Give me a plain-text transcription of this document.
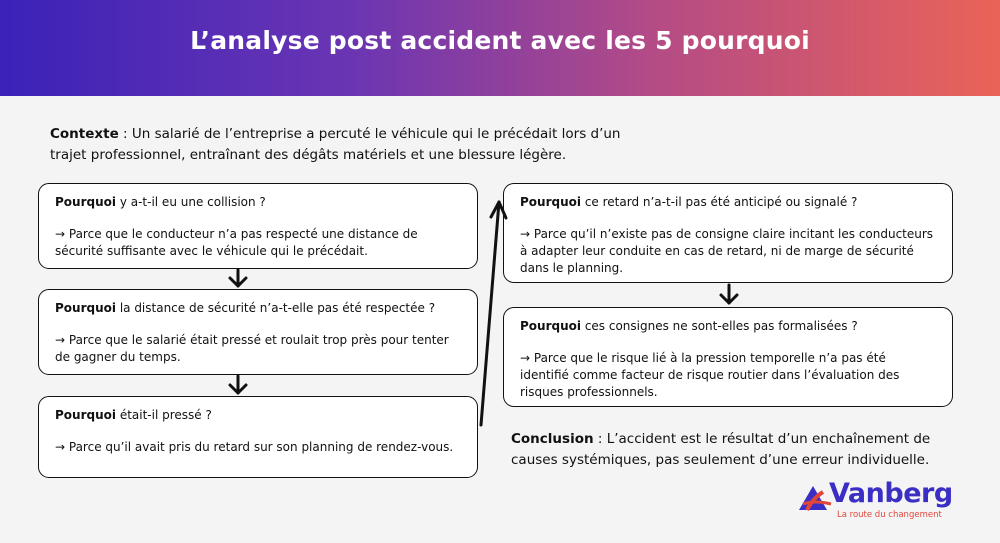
L’analyse post accident avec les 5 pourquoi
Contexte : Un salarié de l’entreprise a percuté le véhicule qui le précédait lors d’un trajet professionnel, entraînant des dégâts matériels et une blessure légère.
Pourquoi y a-t-il eu une collision ?
→ Parce que le conducteur n’a pas respecté une distance de sécurité suffisante avec le véhicule qui le précédait.
Pourquoi la distance de sécurité n’a-t-elle pas été respectée ?
→ Parce que le salarié était pressé et roulait trop près pour tenter de gagner du temps.
Pourquoi était-il pressé ?
→ Parce qu’il avait pris du retard sur son planning de rendez-vous.
Pourquoi ce retard n’a-t-il pas été anticipé ou signalé ?
→ Parce qu’il n’existe pas de consigne claire incitant les conducteurs à adapter leur conduite en cas de retard, ni de marge de sécurité dans le planning.
Pourquoi ces consignes ne sont-elles pas formalisées ?
→ Parce que le risque lié à la pression temporelle n’a pas été identifié comme facteur de risque routier dans l’évaluation des risques professionnels.
Conclusion : L’accident est le résultat d’un enchaînement de causes systémiques, pas seulement d’une erreur individuelle.
Vanberg
La route du changement
